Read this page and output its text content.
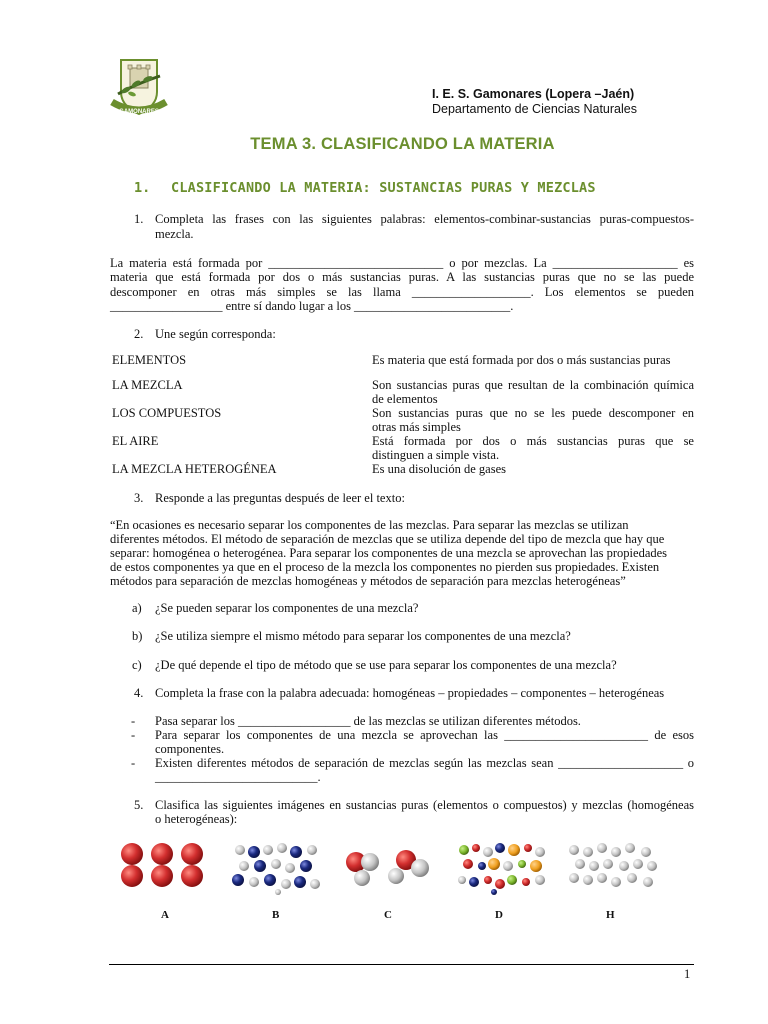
GAMONARES
I. E. S. Gamonares (Lopera –Jaén)
Departamento de Ciencias Naturales
TEMA 3. CLASIFICANDO LA MATERIA
1. CLASIFICANDO LA MATERIA: SUSTANCIAS PURAS Y MEZCLAS
1. Completa las frases con las siguientes palabras: elementos-combinar-sustancias puras-compuestos-
mezcla.
La materia está formada por ____________________________ o por mezclas. La ____________________ es
materia que está formada por dos o más sustancias puras. A las sustancias puras que no se las puede
descomponer en otras más simples se las llama ___________________. Los elementos se pueden
__________________ entre sí dando lugar a los _________________________.
2. Une según corresponda:
ELEMENTOS	Es materia que está formada por dos o más sustancias puras
LA MEZCLA	Son sustancias puras que resultan de la combinación química
de elementos
LOS COMPUESTOS	Son sustancias puras que no se les puede descomponer en
otras más simples
EL AIRE	Está formada por dos o más sustancias puras que se
distinguen a simple vista.
LA MEZCLA HETEROGÉNEA	Es una disolución de gases
3. Responde a las preguntas después de leer el texto:
“En ocasiones es necesario separar los componentes de las mezclas. Para separar las mezclas se utilizan
diferentes métodos. El método de separación de mezclas que se utiliza depende del tipo de mezcla que hay que
separar: homogénea o heterogénea. Para separar los componentes de una mezcla se aprovechan las propiedades
de estos componentes ya que en el proceso de la mezcla los componentes no pierden sus propiedades. Existen
métodos para separación de mezclas homogéneas y métodos de separación para mezclas heterogéneas”
a) ¿Se pueden separar los componentes de una mezcla?
b) ¿Se utiliza siempre el mismo método para separar los componentes de una mezcla?
c) ¿De qué depende el tipo de método que se use para separar los componentes de una mezcla?
4. Completa la frase con la palabra adecuada: homogéneas – propiedades – componentes – heterogéneas
- Pasa separar los __________________ de las mezclas se utilizan diferentes métodos.
- Para separar los componentes de una mezcla se aprovechan las _______________________ de esos
componentes.
- Existen diferentes métodos de separación de mezclas según las mezclas sean ____________________ o
__________________________.
5. Clasifica las siguientes imágenes en sustancias puras (elementos o compuestos) y mezclas (homogéneas
o heterogéneas):
A	B	C	D	H
1
